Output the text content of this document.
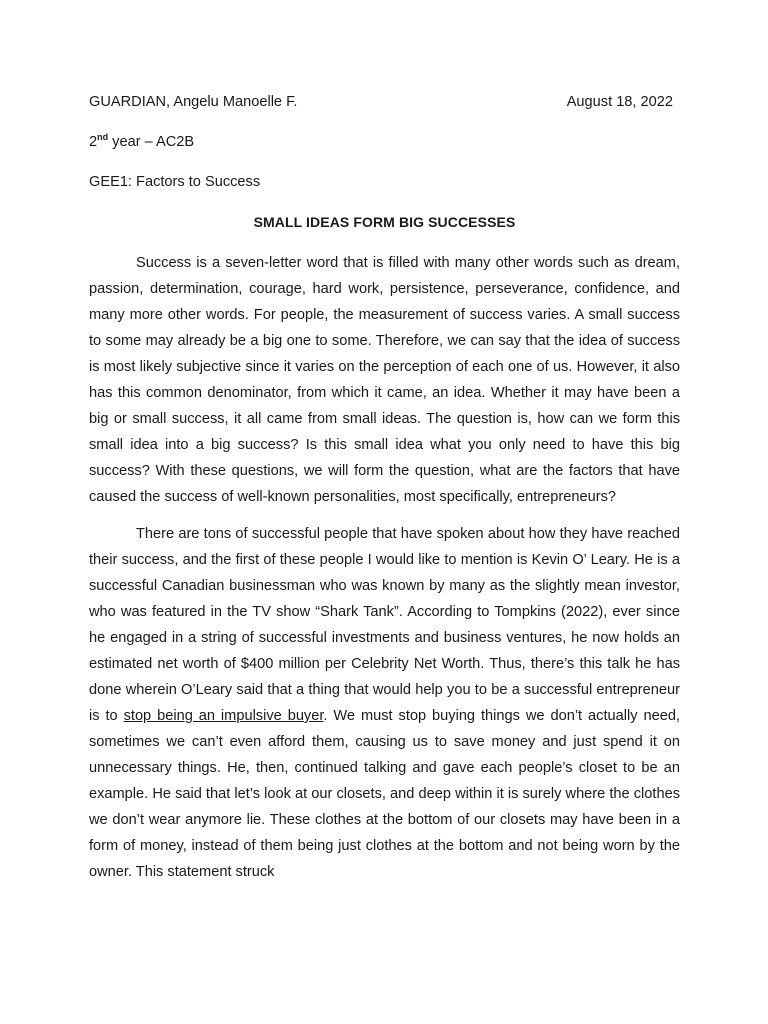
GUARDIAN, Angelu Manoelle F.	August 18, 2022
2nd year – AC2B
GEE1: Factors to Success
SMALL IDEAS FORM BIG SUCCESSES

Success is a seven-letter word that is filled with many other words such as dream, passion, determination, courage, hard work, persistence, perseverance, confidence, and many more other words. For people, the measurement of success varies. A small success to some may already be a big one to some. Therefore, we can say that the idea of success is most likely subjective since it varies on the perception of each one of us. However, it also has this common denominator, from which it came, an idea. Whether it may have been a big or small success, it all came from small ideas. The question is, how can we form this small idea into a big success? Is this small idea what you only need to have this big success? With these questions, we will form the question, what are the factors that have caused the success of well-known personalities, most specifically, entrepreneurs?

There are tons of successful people that have spoken about how they have reached their success, and the first of these people I would like to mention is Kevin O’ Leary. He is a successful Canadian businessman who was known by many as the slightly mean investor, who was featured in the TV show “Shark Tank”. According to Tompkins (2022), ever since he engaged in a string of successful investments and business ventures, he now holds an estimated net worth of $400 million per Celebrity Net Worth. Thus, there’s this talk he has done wherein O’Leary said that a thing that would help you to be a successful entrepreneur is to stop being an impulsive buyer. We must stop buying things we don’t actually need, sometimes we can’t even afford them, causing us to save money and just spend it on unnecessary things. He, then, continued talking and gave each people’s closet to be an example. He said that let’s look at our closets, and deep within it is surely where the clothes we don’t wear anymore lie. These clothes at the bottom of our closets may have been in a form of money, instead of them being just clothes at the bottom and not being worn by the owner. This statement struck
